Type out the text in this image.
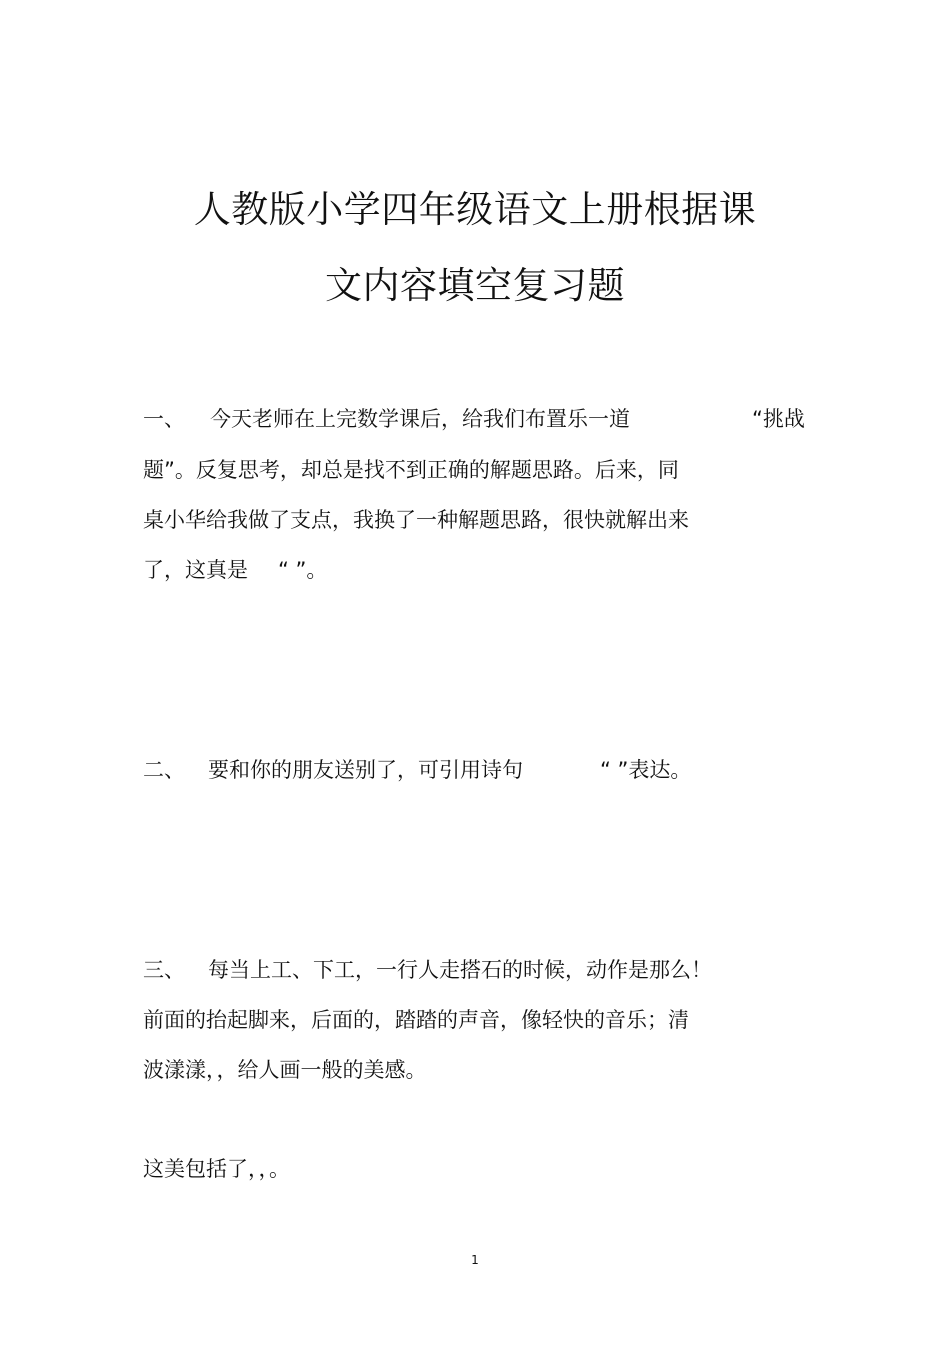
人教版小学四年级语文上册根据课
文内容填空复习题
一、 今天老师在上完数学课后，给我们布置乐一道	“挑战
题”。反复思考，却总是找不到正确的解题思路。后来，同
桌小华给我做了支点，我换了一种解题思路，很快就解出来
了，这真是 “ ”。
二、 要和你的朋友送别了，可引用诗句	“ ”表达。
三、 每当上工、下工，一行人走搭石的时候，动作是那么！
前面的抬起脚来，后面的，踏踏的声音，像轻快的音乐；清
波漾漾，，给人画一般的美感。
这美包括了，，。
1
